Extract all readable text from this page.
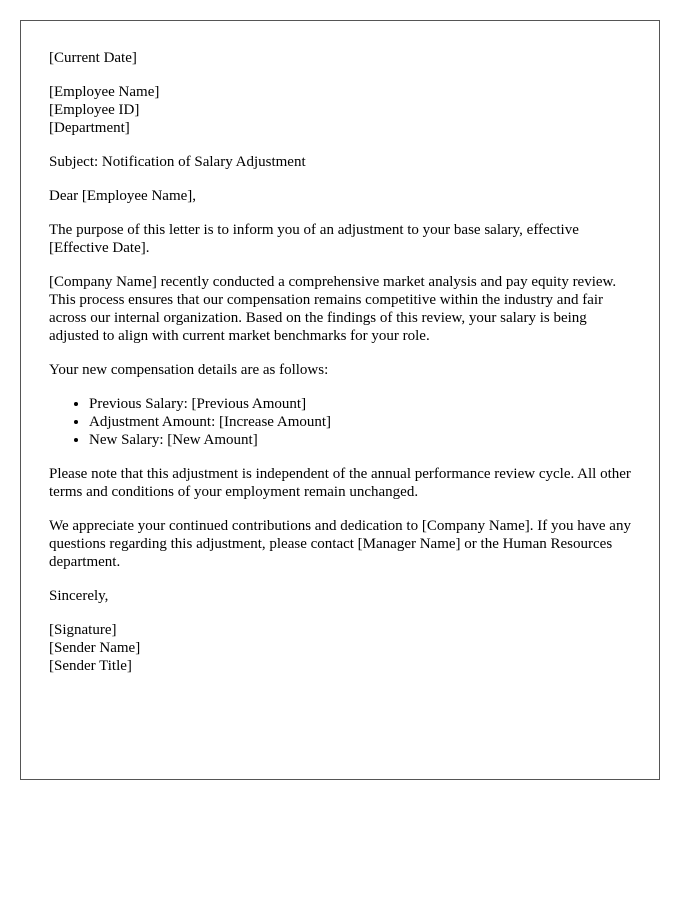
[Current Date]

[Employee Name]
[Employee ID]
[Department]

Subject: Notification of Salary Adjustment

Dear [Employee Name],

The purpose of this letter is to inform you of an adjustment to your base salary, effective [Effective Date].

[Company Name] recently conducted a comprehensive market analysis and pay equity review. This process ensures that our compensation remains competitive within the industry and fair across our internal organization. Based on the findings of this review, your salary is being adjusted to align with current market benchmarks for your role.

Your new compensation details are as follows:

• Previous Salary: [Previous Amount]
• Adjustment Amount: [Increase Amount]
• New Salary: [New Amount]

Please note that this adjustment is independent of the annual performance review cycle. All other terms and conditions of your employment remain unchanged.

We appreciate your continued contributions and dedication to [Company Name]. If you have any questions regarding this adjustment, please contact [Manager Name] or the Human Resources department.

Sincerely,

[Signature]
[Sender Name]
[Sender Title]
